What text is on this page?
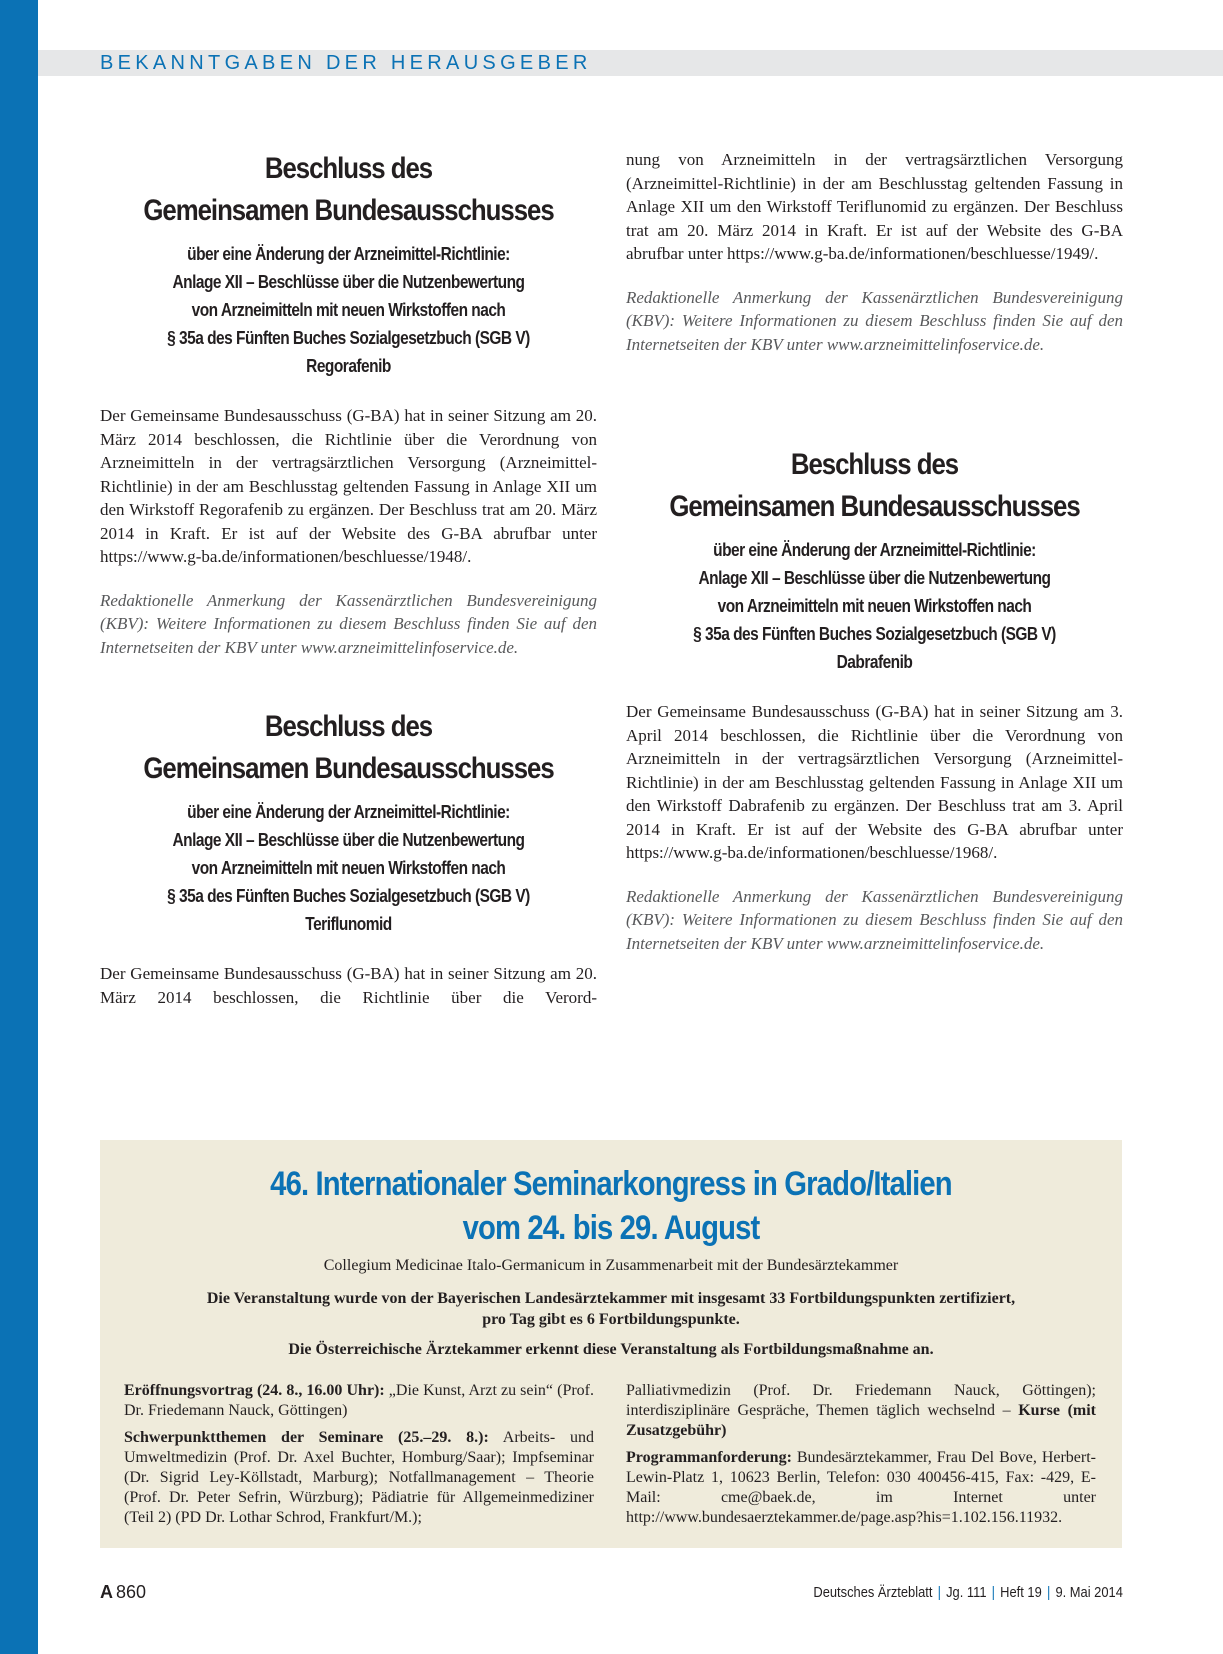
BEKANNTGABEN DER HERAUSGEBER
Beschluss des
Gemeinsamen Bundesausschusses
über eine Änderung der Arzneimittel-Richtlinie:
Anlage XII – Beschlüsse über die Nutzenbewertung
von Arzneimitteln mit neuen Wirkstoffen nach
§ 35a des Fünften Buches Sozialgesetzbuch (SGB V)
Regorafenib

Der Gemeinsame Bundesausschuss (G-BA) hat in seiner Sitzung am 20. März 2014 beschlossen, die Richtlinie über die Verordnung von Arzneimitteln in der vertragsärztlichen Versorgung (Arzneimittel-Richtlinie) in der am Beschlusstag geltenden Fassung in Anlage XII um den Wirkstoff Regorafenib zu ergänzen. Der Beschluss trat am 20. März 2014 in Kraft. Er ist auf der Website des G-BA abrufbar unter https://www.g-ba.de/informationen/beschluesse/1948/.

Redaktionelle Anmerkung der Kassenärztlichen Bundesvereinigung (KBV): Weitere Informationen zu diesem Beschluss finden Sie auf den Internetseiten der KBV unter www.arzneimittelinfoservice.de.

Beschluss des
Gemeinsamen Bundesausschusses
über eine Änderung der Arzneimittel-Richtlinie:
Anlage XII – Beschlüsse über die Nutzenbewertung
von Arzneimitteln mit neuen Wirkstoffen nach
§ 35a des Fünften Buches Sozialgesetzbuch (SGB V)
Teriflunomid

Der Gemeinsame Bundesausschuss (G-BA) hat in seiner Sitzung am 20. März 2014 beschlossen, die Richtlinie über die Verord-

nung von Arzneimitteln in der vertragsärztlichen Versorgung (Arzneimittel-Richtlinie) in der am Beschlusstag geltenden Fassung in Anlage XII um den Wirkstoff Teriflunomid zu ergänzen. Der Beschluss trat am 20. März 2014 in Kraft. Er ist auf der Website des G-BA abrufbar unter https://www.g-ba.de/informationen/beschluesse/1949/.

Redaktionelle Anmerkung der Kassenärztlichen Bundesvereinigung (KBV): Weitere Informationen zu diesem Beschluss finden Sie auf den Internetseiten der KBV unter www.arzneimittelinfoservice.de.

Beschluss des
Gemeinsamen Bundesausschusses
über eine Änderung der Arzneimittel-Richtlinie:
Anlage XII – Beschlüsse über die Nutzenbewertung
von Arzneimitteln mit neuen Wirkstoffen nach
§ 35a des Fünften Buches Sozialgesetzbuch (SGB V)
Dabrafenib

Der Gemeinsame Bundesausschuss (G-BA) hat in seiner Sitzung am 3. April 2014 beschlossen, die Richtlinie über die Verordnung von Arzneimitteln in der vertragsärztlichen Versorgung (Arzneimittel-Richtlinie) in der am Beschlusstag geltenden Fassung in Anlage XII um den Wirkstoff Dabrafenib zu ergänzen. Der Beschluss trat am 3. April 2014 in Kraft. Er ist auf der Website des G-BA abrufbar unter https://www.g-ba.de/informationen/beschluesse/1968/.

Redaktionelle Anmerkung der Kassenärztlichen Bundesvereinigung (KBV): Weitere Informationen zu diesem Beschluss finden Sie auf den Internetseiten der KBV unter www.arzneimittelinfoservice.de.

46. Internationaler Seminarkongress in Grado/Italien
vom 24. bis 29. August
Collegium Medicinae Italo-Germanicum in Zusammenarbeit mit der Bundesärztekammer
Die Veranstaltung wurde von der Bayerischen Landesärztekammer mit insgesamt 33 Fortbildungspunkten zertifiziert,
pro Tag gibt es 6 Fortbildungspunkte.
Die Österreichische Ärztekammer erkennt diese Veranstaltung als Fortbildungsmaßnahme an.

Eröffnungsvortrag (24. 8., 16.00 Uhr): „Die Kunst, Arzt zu sein“ (Prof. Dr. Friedemann Nauck, Göttingen)

Schwerpunktthemen der Seminare (25.–29. 8.): Arbeits- und Umweltmedizin (Prof. Dr. Axel Buchter, Homburg/Saar); Impfseminar (Dr. Sigrid Ley-Köllstadt, Marburg); Notfallmanagement – Theorie (Prof. Dr. Peter Sefrin, Würzburg); Pädiatrie für Allgemeinmediziner (Teil 2) (PD Dr. Lothar Schrod, Frankfurt/M.);

Palliativmedizin (Prof. Dr. Friedemann Nauck, Göttingen); interdisziplinäre Gespräche, Themen täglich wechselnd – Kurse (mit Zusatzgebühr)

Programmanforderung: Bundesärztekammer, Frau Del Bove, Herbert-Lewin-Platz 1, 10623 Berlin, Telefon: 030 400456-415, Fax: -429, E-Mail: cme@baek.de, im Internet unter http://www.bundesaerztekammer.de/page.asp?his=1.102.156.11932.

A 860	Deutsches Ärzteblatt | Jg. 111 | Heft 19 | 9. Mai 2014
